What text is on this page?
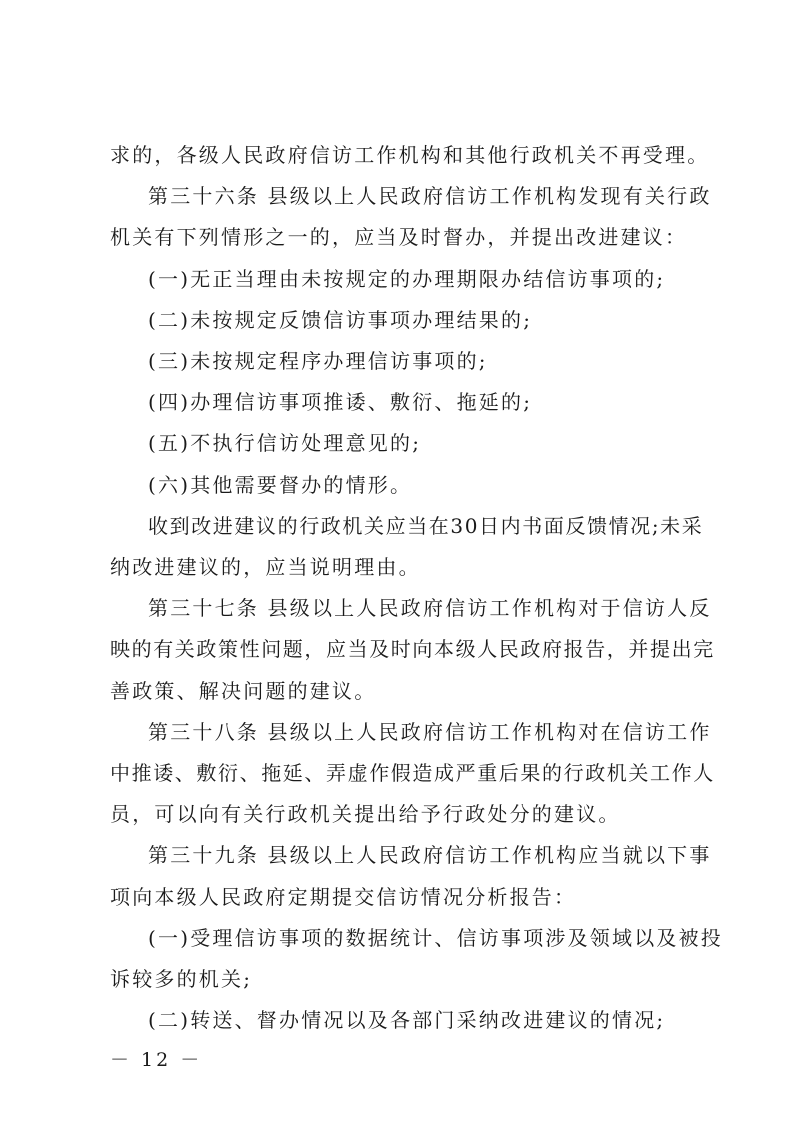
求的，各级人民政府信访工作机构和其他行政机关不再受理。
第三十六条 县级以上人民政府信访工作机构发现有关行政
机关有下列情形之一的，应当及时督办，并提出改进建议：
(一)无正当理由未按规定的办理期限办结信访事项的;
(二)未按规定反馈信访事项办理结果的;
(三)未按规定程序办理信访事项的;
(四)办理信访事项推诿、敷衍、拖延的;
(五)不执行信访处理意见的;
(六)其他需要督办的情形。
收到改进建议的行政机关应当在30日内书面反馈情况;未采
纳改进建议的，应当说明理由。
第三十七条 县级以上人民政府信访工作机构对于信访人反
映的有关政策性问题，应当及时向本级人民政府报告，并提出完
善政策、解决问题的建议。
第三十八条 县级以上人民政府信访工作机构对在信访工作
中推诿、敷衍、拖延、弄虚作假造成严重后果的行政机关工作人
员，可以向有关行政机关提出给予行政处分的建议。
第三十九条 县级以上人民政府信访工作机构应当就以下事
项向本级人民政府定期提交信访情况分析报告：
(一)受理信访事项的数据统计、信访事项涉及领域以及被投
诉较多的机关;
－ 12 －
(二)转送、督办情况以及各部门采纳改进建议的情况;
